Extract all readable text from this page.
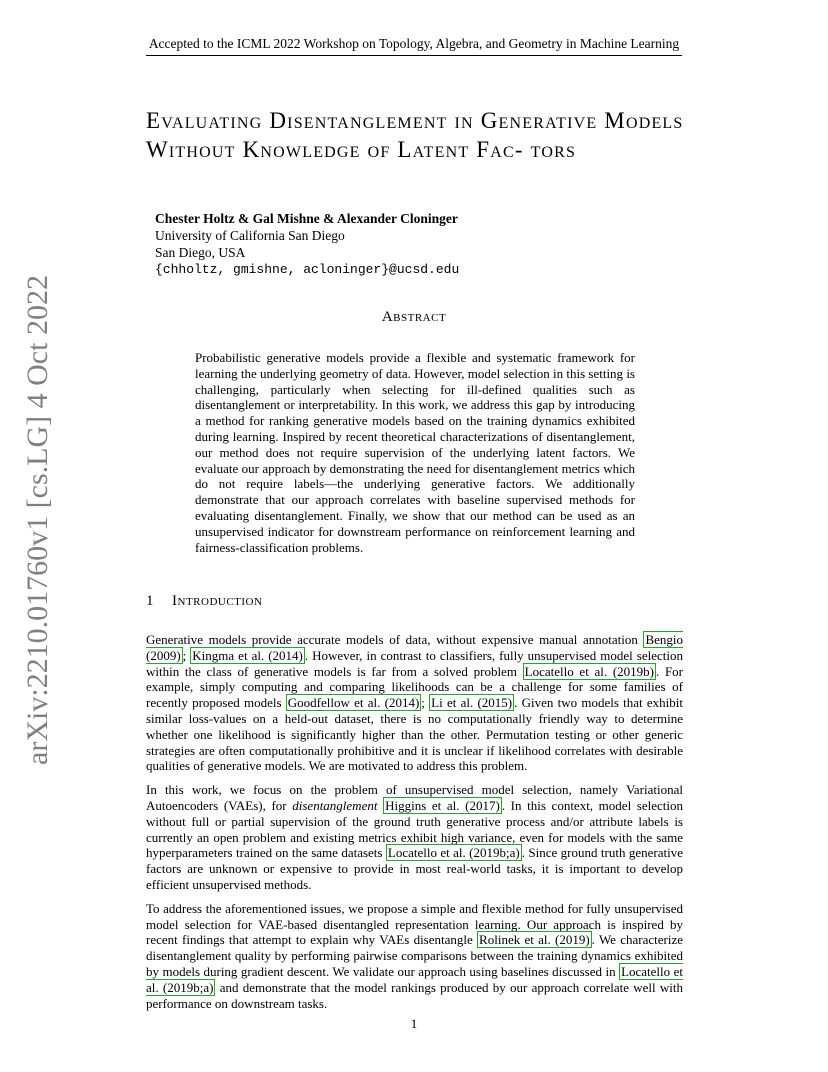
Accepted to the ICML 2022 Workshop on Topology, Algebra, and Geometry in Machine Learning
arXiv:2210.01760v1 [cs.LG] 4 Oct 2022
Evaluating Disentanglement in Generative Models Without Knowledge of Latent Fac- tors
Chester Holtz & Gal Mishne & Alexander Cloninger
University of California San Diego
San Diego, USA
{chholtz, gmishne, acloninger}@ucsd.edu
Abstract

Probabilistic generative models provide a flexible and systematic framework for learning the underlying geometry of data. However, model selection in this setting is challenging, particularly when selecting for ill-defined qualities such as disentanglement or interpretability. In this work, we address this gap by introducing a method for ranking generative models based on the training dynamics exhibited during learning. Inspired by recent theoretical characterizations of disentanglement, our method does not require supervision of the underlying latent factors. We evaluate our approach by demonstrating the need for disentanglement metrics which do not require labels—the underlying generative factors. We additionally demonstrate that our approach correlates with baseline supervised methods for evaluating disentanglement. Finally, we show that our method can be used as an unsupervised indicator for downstream performance on reinforcement learning and fairness-classification problems.

1 Introduction

Generative models provide accurate models of data, without expensive manual annotation Bengio (2009) ; Kingma et al. (2014) . However, in contrast to classifiers, fully unsupervised model selection within the class of generative models is far from a solved problem Locatello et al. (2019b) . For example, simply computing and comparing likelihoods can be a challenge for some families of recently proposed models Goodfellow et al. (2014) ; Li et al. (2015) . Given two models that exhibit similar loss-values on a held-out dataset, there is no computationally friendly way to determine whether one likelihood is significantly higher than the other. Permutation testing or other generic strategies are often computationally prohibitive and it is unclear if likelihood correlates with desirable qualities of generative models. We are motivated to address this problem.

In this work, we focus on the problem of unsupervised model selection, namely Variational Autoencoders (VAEs), for disentanglement Higgins et al. (2017) . In this context, model selection without full or partial supervision of the ground truth generative process and/or attribute labels is currently an open problem and existing metrics exhibit high variance, even for models with the same hyperparameters trained on the same datasets Locatello et al. (2019b;a) . Since ground truth generative factors are unknown or expensive to provide in most real-world tasks, it is important to develop efficient unsupervised methods.

To address the aforementioned issues, we propose a simple and flexible method for fully unsupervised model selection for VAE-based disentangled representation learning. Our approach is inspired by recent findings that attempt to explain why VAEs disentangle Rolinek et al. (2019) . We characterize disentanglement quality by performing pairwise comparisons between the training dynamics exhibited by models during gradient descent. We validate our approach using baselines discussed in Locatello et al. (2019b;a) and demonstrate that the model rankings produced by our approach correlate well with performance on downstream tasks.

1
